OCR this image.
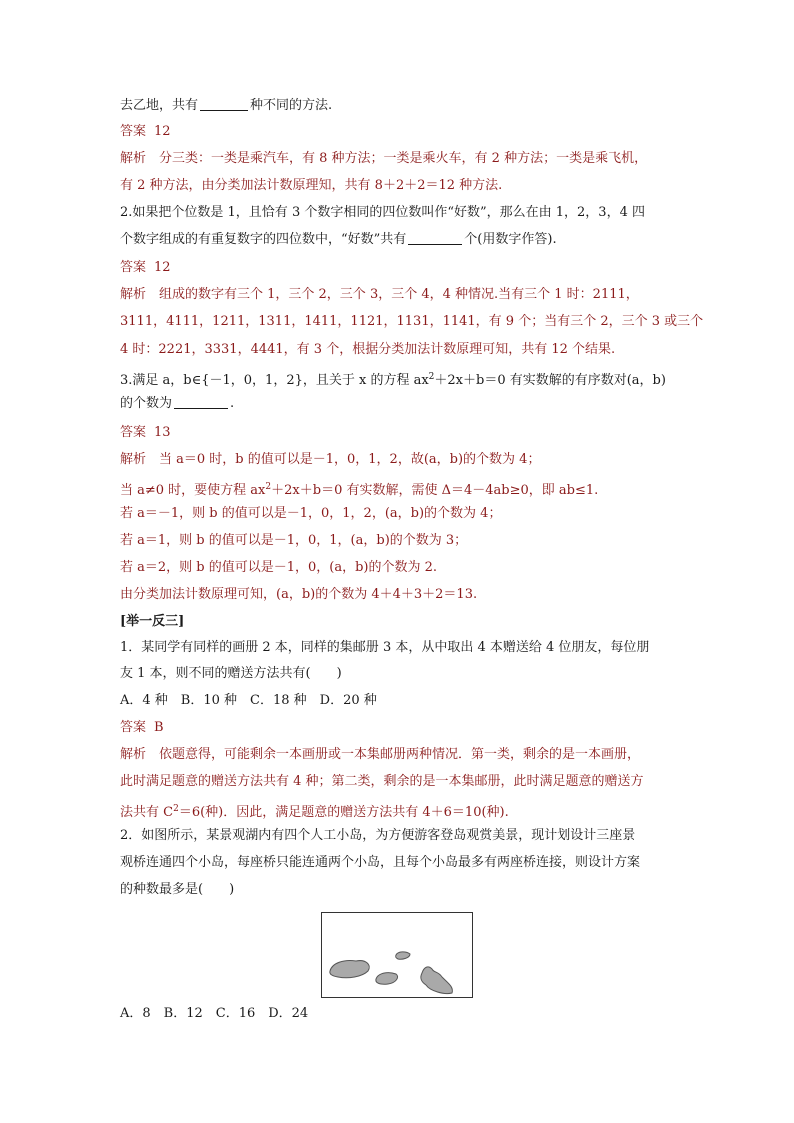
去乙地，共有	种不同的方法.
答案 12
解析　分三类：一类是乘汽车，有 8 种方法；一类是乘火车，有 2 种方法；一类是乘飞机，
有 2 种方法，由分类加法计数原理知，共有 8＋2＋2＝12 种方法.
2.如果把个位数是 1，且恰有 3 个数字相同的四位数叫作“好数”，那么在由 1，2，3，4 四
个数字组成的有重复数字的四位数中，“好数”共有	个(用数字作答).
答案 12
解析　组成的数字有三个 1，三个 2，三个 3，三个 4，4 种情况.当有三个 1 时：2111，
3111，4111，1211，1311，1411，1121，1131，1141，有 9 个；当有三个 2，三个 3 或三个
4 时：2221，3331，4441，有 3 个，根据分类加法计数原理可知，共有 12 个结果.
3.满足 a，b∈{－1，0，1，2}，且关于 x 的方程 $ax^2+2x+b=0$ 有实数解的有序数对(a，b)
的个数为	.
答案 13
解析　当 a＝0 时，b 的值可以是－1，0，1，2，故(a，b)的个数为 4；
当 a≠0 时，要使方程 $ax^2+2x+b=0$ 有实数解，需使 Δ＝4－4ab≥0，即 ab≤1.
若 a＝－1，则 b 的值可以是－1，0，1，2，(a，b)的个数为 4；
若 a＝1，则 b 的值可以是－1，0，1，(a，b)的个数为 3；
若 a＝2，则 b 的值可以是－1，0，(a，b)的个数为 2.
由分类加法计数原理可知，(a，b)的个数为 4＋4＋3＋2＝13.
[举一反三]
1．某同学有同样的画册 2 本，同样的集邮册 3 本，从中取出 4 本赠送给 4 位朋友，每位朋
友 1 本，则不同的赠送方法共有(　　)
A．4 种　B．10 种　C．18 种　D．20 种
答案 B
解析　依题意得，可能剩余一本画册或一本集邮册两种情况．第一类，剩余的是一本画册，
此时满足题意的赠送方法共有 4 种；第二类，剩余的是一本集邮册，此时满足题意的赠送方
法共有 $C^2=6$(种)．因此，满足题意的赠送方法共有 4＋6＝10(种).
2．如图所示，某景观湖内有四个人工小岛，为方便游客登岛观赏美景，现计划设计三座景
观桥连通四个小岛，每座桥只能连通两个小岛，且每个小岛最多有两座桥连接，则设计方案
的种数最多是(　　)
A．8　B．12　C．16　D．24
